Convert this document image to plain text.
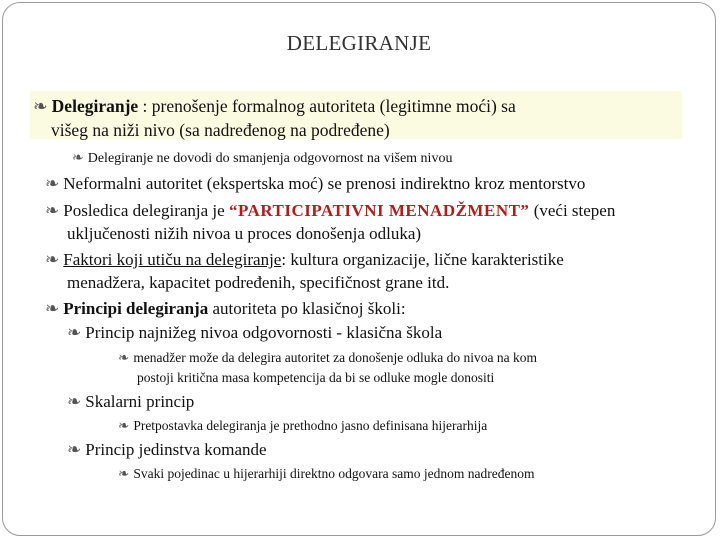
DELEGIRANJE
❧ Delegiranje : prenošenje formalnog autoriteta (legitimne moći) sa
višeg na niži nivo (sa nadređenog na podređene)
❧ Delegiranje ne dovodi do smanjenja odgovornost na višem nivou
❧ Neformalni autoritet (ekspertska moć) se prenosi indirektno kroz mentorstvo
❧ Posledica delegiranja je “PARTICIPATIVNI MENADŽMENT” (veći stepen
uključenosti nižih nivoa u proces donošenja odluka)
❧ Faktori koji utiču na delegiranje: kultura organizacije, lične karakteristike
menadžera, kapacitet podređenih, specifičnost grane itd.
❧ Principi delegiranja autoriteta po klasičnoj školi:
❧ Princip najnižeg nivoa odgovornosti - klasična škola
❧ menadžer može da delegira autoritet za donošenje odluka do nivoa na kom
postoji kritična masa kompetencija da bi se odluke mogle donositi
❧ Skalarni princip
❧ Pretpostavka delegiranja je prethodno jasno definisana hijerarhija
❧ Princip jedinstva komande
❧ Svaki pojedinac u hijerarhiji direktno odgovara samo jednom nadređenom
